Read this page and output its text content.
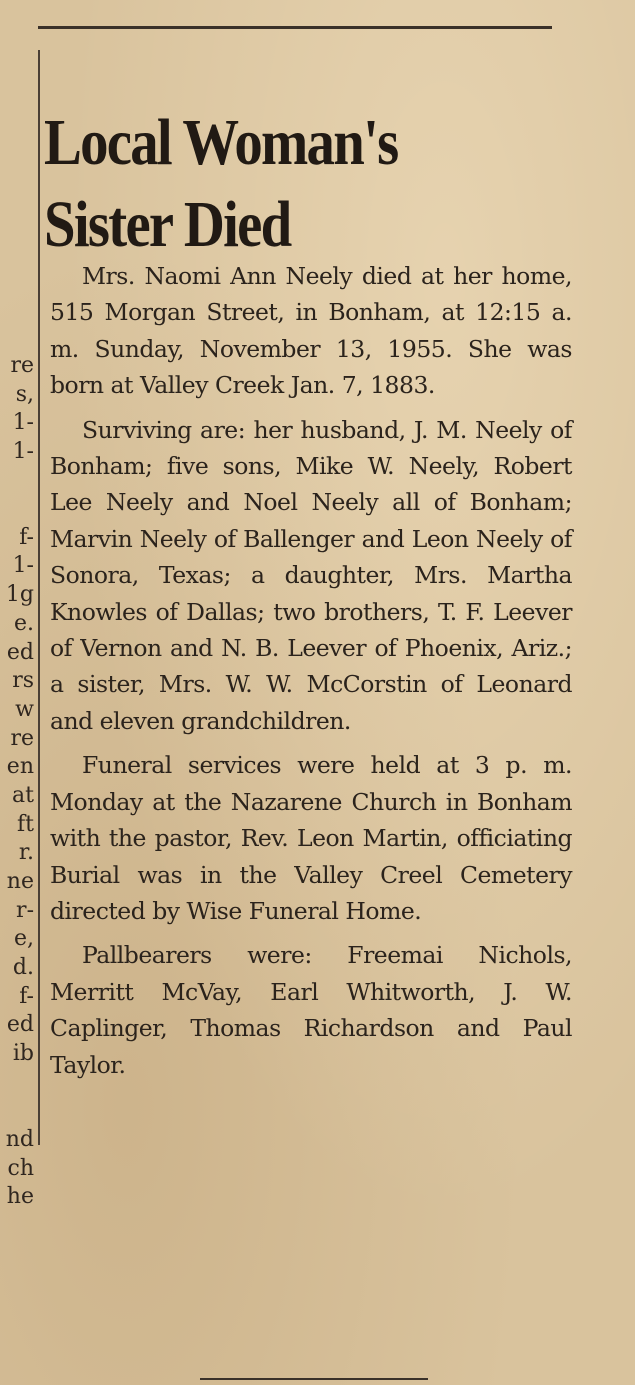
re
s,
1-
1-
f-
1-
1g
e.
ed
rs
w
re
en
at
ft
r.
ne
r-
e,
d.
f-
ed
ib
nd
ch
he
Local Woman's Sister Died

Mrs. Naomi Ann Neely died at her home, 515 Morgan Street, in Bonham, at 12:15 a. m. Sunday, November 13, 1955. She was born at Valley Creek Jan. 7, 1883.

Surviving are: her husband, J. M. Neely of Bonham; five sons, Mike W. Neely, Robert Lee Neely and Noel Neely all of Bonham; Marvin Neely of Ballenger and Leon Neely of Sonora, Texas; a daughter, Mrs. Martha Knowles of Dallas; two brothers, T. F. Leever of Vernon and N. B. Leever of Phoenix, Ariz.; a sister, Mrs. W. W. McCorstin of Leonard and eleven grandchildren.

Funeral services were held at 3 p. m. Monday at the Nazarene Church in Bonham with the pastor, Rev. Leon Martin, officiating Burial was in the Valley Creel Cemetery directed by Wise Funeral Home.

Pallbearers were: Freemai Nichols, Merritt McVay, Earl Whitworth, J. W. Caplinger, Thomas Richardson and Paul Taylor.
